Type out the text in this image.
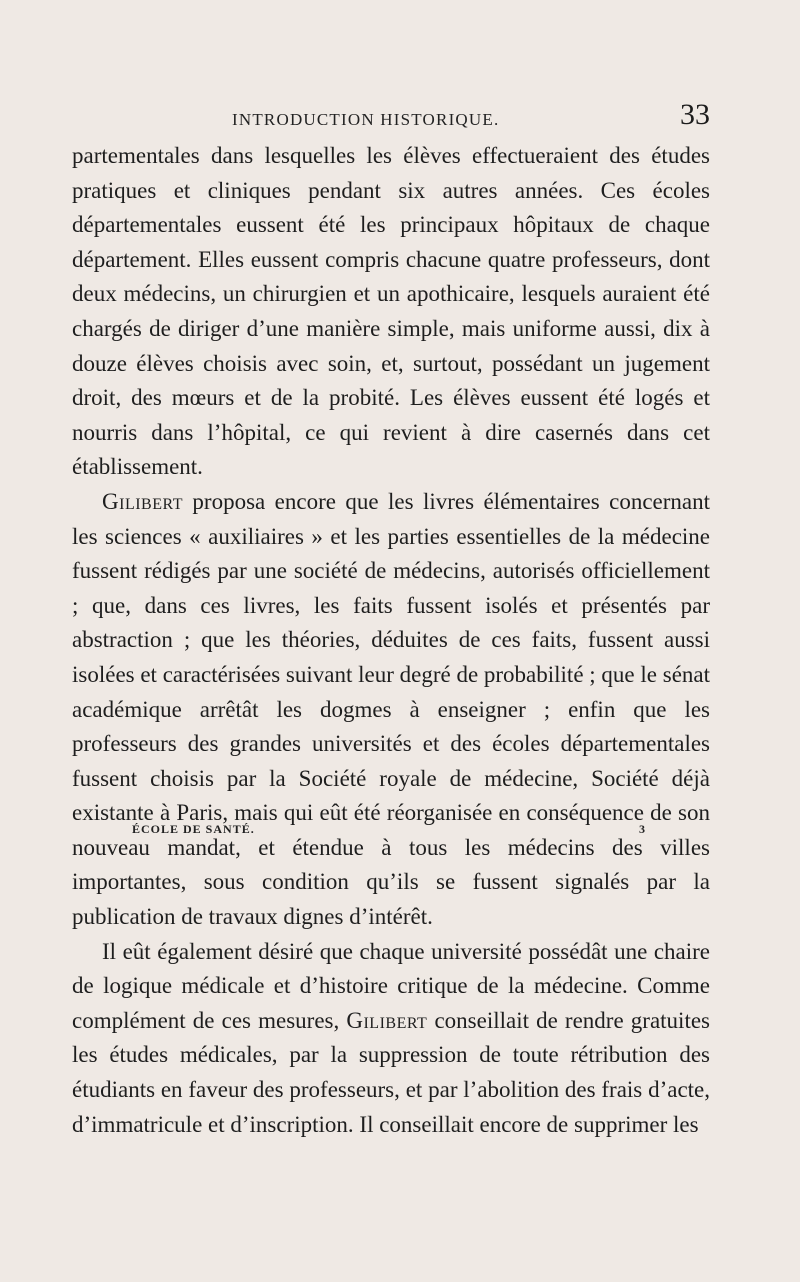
INTRODUCTION HISTORIQUE.	33

partementales dans lesquelles les élèves effectueraient des études pratiques et cliniques pendant six autres années. Ces écoles départementales eussent été les principaux hôpitaux de chaque département. Elles eussent compris chacune quatre professeurs, dont deux médecins, un chirurgien et un apothicaire, lesquels auraient été chargés de diriger d’une manière simple, mais uniforme aussi, dix à douze élèves choisis avec soin, et, surtout, possédant un jugement droit, des mœurs et de la probité. Les élèves eussent été logés et nourris dans l’hôpital, ce qui revient à dire casernés dans cet établissement.

Gilibert proposa encore que les livres élémentaires concernant les sciences « auxiliaires » et les parties essentielles de la médecine fussent rédigés par une société de médecins, autorisés officiellement ; que, dans ces livres, les faits fussent isolés et présentés par abstraction ; que les théories, déduites de ces faits, fussent aussi isolées et caractérisées suivant leur degré de probabilité ; que le sénat académique arrêtât les dogmes à enseigner ; enfin que les professeurs des grandes universités et des écoles départementales fussent choisis par la Société royale de médecine, Société déjà existante à Paris, mais qui eût été réorganisée en conséquence de son nouveau mandat, et étendue à tous les médecins des villes importantes, sous condition qu’ils se fussent signalés par la publication de travaux dignes d’intérêt.

Il eût également désiré que chaque université possédât une chaire de logique médicale et d’histoire critique de la médecine. Comme complément de ces mesures, Gilibert conseillait de rendre gratuites les études médicales, par la suppression de toute rétribution des étudiants en faveur des professeurs, et par l’abolition des frais d’acte, d’immatricule et d’inscription. Il conseillait encore de supprimer les

ÉCOLE DE SANTÉ.	3
